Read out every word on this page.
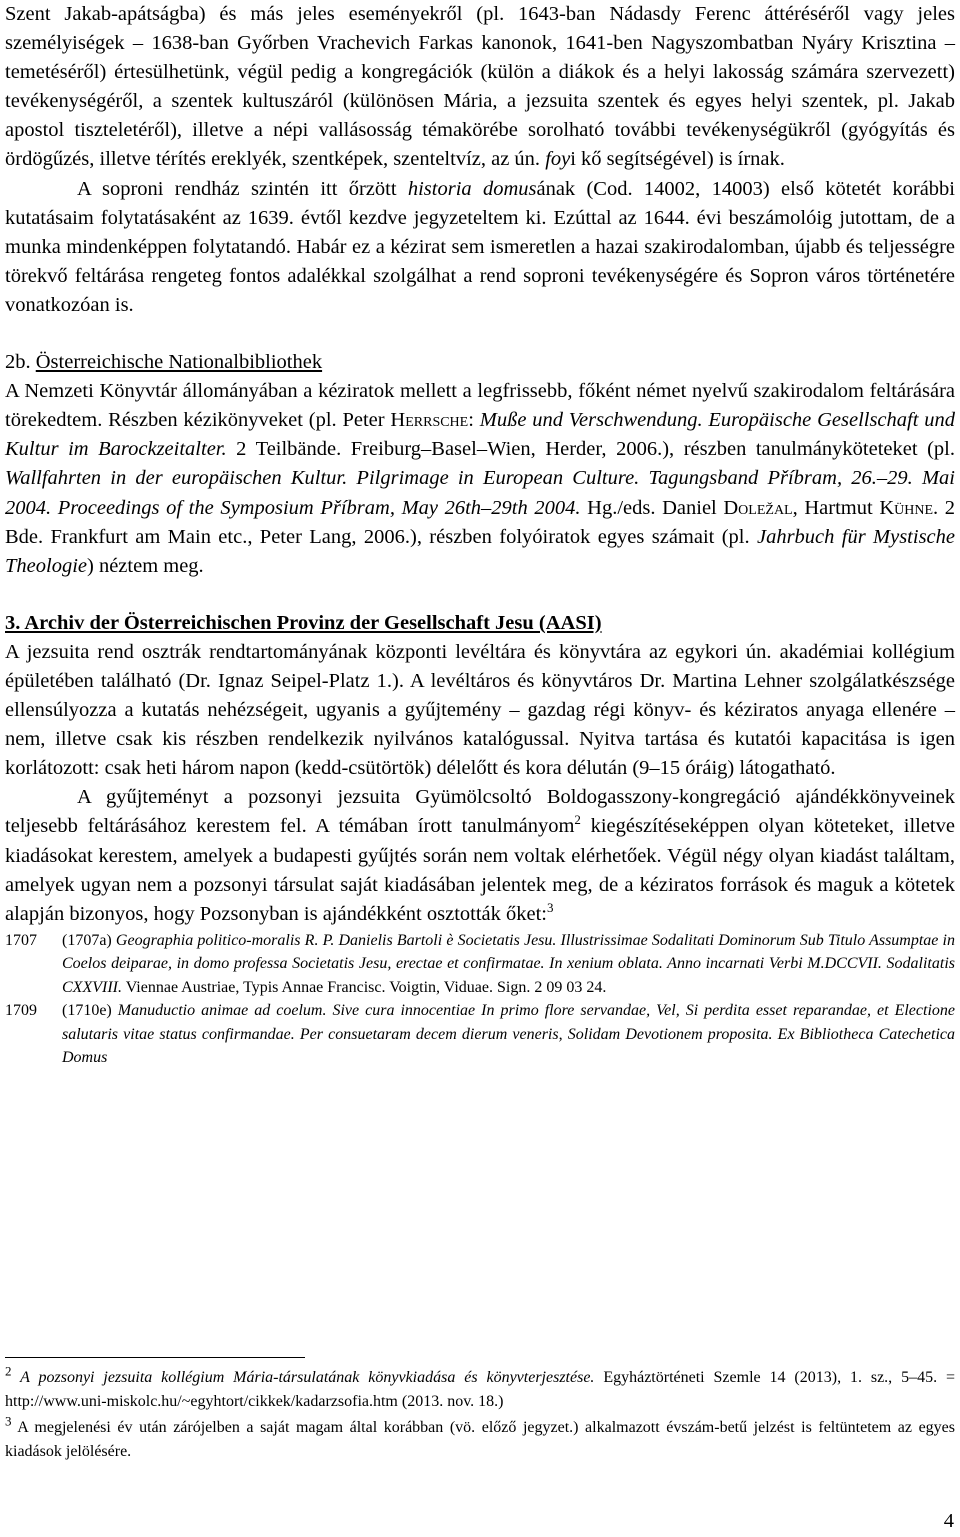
Szent Jakab-apátságba) és más jeles eseményekről (pl. 1643-ban Nádasdy Ferenc áttéréséről vagy jeles személyiségek – 1638-ban Győrben Vrachevich Farkas kanonok, 1641-ben Nagyszombatban Nyáry Krisztina – temetéséről) értesülhetünk, végül pedig a kongregációk (külön a diákok és a helyi lakosság számára szervezett) tevékenységéről, a szentek kultuszáról (különösen Mária, a jezsuita szentek és egyes helyi szentek, pl. Jakab apostol tiszteletéről), illetve a népi vallásosság témakörébe sorolható további tevékenységükről (gyógyítás és ördögűzés, illetve térítés ereklyék, szentképek, szenteltvíz, az ún. foyi kő segítségével) is írnak.

A soproni rendház szintén itt őrzött historia domusának (Cod. 14002, 14003) első kötetét korábbi kutatásaim folytatásaként az 1639. évtől kezdve jegyzeteltem ki. Ezúttal az 1644. évi beszámolóig jutottam, de a munka mindenképpen folytatandó. Habár ez a kézirat sem ismeretlen a hazai szakirodalomban, újabb és teljességre törekvő feltárása rengeteg fontos adalékkal szolgálhat a rend soproni tevékenységére és Sopron város történetére vonatkozóan is.

2b. Österreichische Nationalbibliothek

A Nemzeti Könyvtár állományában a kéziratok mellett a legfrissebb, főként német nyelvű szakirodalom feltárására törekedtem. Részben kézikönyveket (pl. Peter Herrsche: Muße und Verschwendung. Europäische Gesellschaft und Kultur im Barockzeitalter. 2 Teilbände. Freiburg–Basel–Wien, Herder, 2006.), részben tanulmányköteteket (pl. Wallfahrten in der europäischen Kultur. Pilgrimage in European Culture. Tagungsband Příbram, 26.–29. Mai 2004. Proceedings of the Symposium Příbram, May 26th–29th 2004. Hg./eds. Daniel Doležal, Hartmut Kühne. 2 Bde. Frankfurt am Main etc., Peter Lang, 2006.), részben folyóiratok egyes számait (pl. Jahrbuch für Mystische Theologie) néztem meg.

3. Archiv der Österreichischen Provinz der Gesellschaft Jesu (AASI)

A jezsuita rend osztrák rendtartományának központi levéltára és könyvtára az egykori ún. akadémiai kollégium épületében található (Dr. Ignaz Seipel-Platz 1.). A levéltáros és könyvtáros Dr. Martina Lehner szolgálatkészsége ellensúlyozza a kutatás nehézségeit, ugyanis a gyűjtemény – gazdag régi könyv- és kéziratos anyaga ellenére – nem, illetve csak kis részben rendelkezik nyilvános katalógussal. Nyitva tartása és kutatói kapacitása is igen korlátozott: csak heti három napon (kedd-csütörtök) délelőtt és kora délután (9–15 óráig) látogatható.

A gyűjteményt a pozsonyi jezsuita Gyümölcsoltó Boldogasszony-kongregáció ajándékkönyveinek teljesebb feltárásához kerestem fel. A témában írott tanulmányom$^2$ kiegészítéseképpen olyan köteteket, illetve kiadásokat kerestem, amelyek a budapesti gyűjtés során nem voltak elérhetőek. Végül négy olyan kiadást találtam, amelyek ugyan nem a pozsonyi társulat saját kiadásában jelentek meg, de a kéziratos források és maguk a kötetek alapján bizonyos, hogy Pozsonyban is ajándékként osztották őket:$^3$

1707	(1707a) Geographia politico-moralis R. P. Danielis Bartoli è Societatis Jesu. Illustrissimae Sodalitati Dominorum Sub Titulo Assumptae in Coelos deiparae, in domo professa Societatis Jesu, erectae et confirmatae. In xenium oblata. Anno incarnati Verbi M.DCCVII. Sodalitatis CXXVIII. Viennae Austriae, Typis Annae Francisc. Voigtin, Viduae. Sign. 2 09 03 24.
1709	(1710e) Manuductio animae ad coelum. Sive cura innocentiae In primo flore servandae, Vel, Si perdita esset reparandae, et Electione salutaris vitae status confirmandae. Per consuetaram decem dierum veneris, Solidam Devotionem proposita. Ex Bibliotheca Catechetica Domus

$^2$ A pozsonyi jezsuita kollégium Mária-társulatának könyvkiadása és könyvterjesztése. Egyháztörténeti Szemle 14 (2013), 1. sz., 5–45. = http://www.uni-miskolc.hu/~egyhtort/cikkek/kadarzsofia.htm (2013. nov. 18.)

$^3$ A megjelenési év után zárójelben a saját magam által korábban (vö. előző jegyzet.) alkalmazott évszám-betű jelzést is feltüntetem az egyes kiadások jelölésére.

4
